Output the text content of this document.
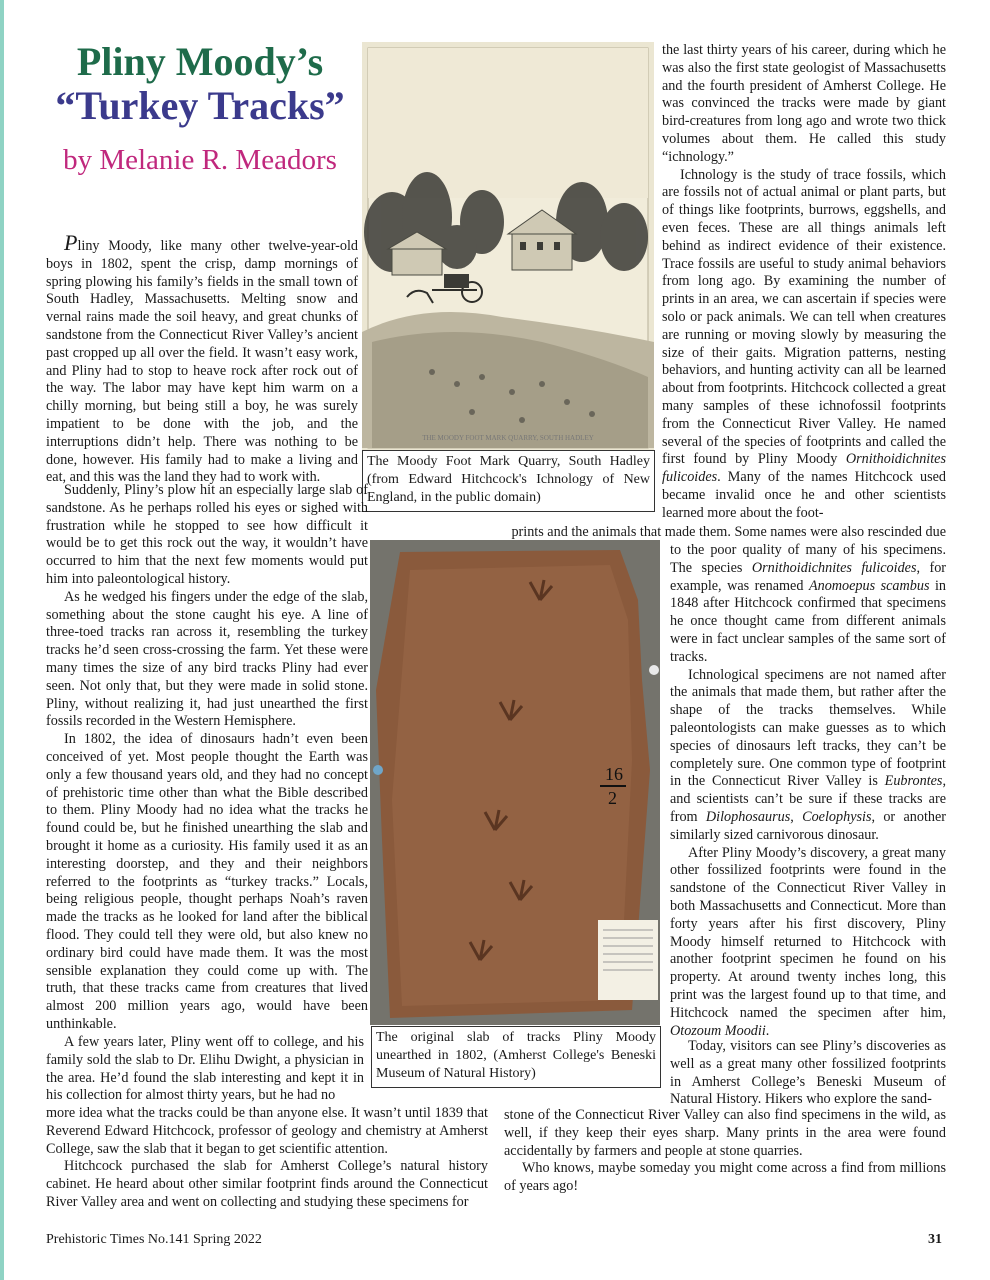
Pliny Moody’s
“Turkey Tracks”
by Melanie R. Meadors
THE MOODY FOOT MARK QUARRY, SOUTH HADLEY
The Moody Foot Mark Quarry, South Hadley (from Edward Hitchcock's Ichnology of New England, in the public domain)
16
2
The original slab of tracks Pliny Moody unearthed in 1802, (Amherst College's Beneski Museum of Natural History)

Pliny Moody, like many other twelve-year-old boys in 1802, spent the crisp, damp mornings of spring plowing his family’s fields in the small town of South Hadley, Massachusetts. Melting snow and vernal rains made the soil heavy, and great chunks of sandstone from the Connecticut River Valley’s ancient past cropped up all over the field. It wasn’t easy work, and Pliny had to stop to heave rock after rock out of the way. The labor may have kept him warm on a chilly morning, but being still a boy, he was surely impatient to be done with the job, and the interruptions didn’t help. There was nothing to be done, however. His family had to make a living and eat, and this was the land they had to work with.

Suddenly, Pliny’s plow hit an especially large slab of sandstone. As he perhaps rolled his eyes or sighed with frustration while he stopped to see how difficult it would be to get this rock out the way, it wouldn’t have occurred to him that the next few moments would put him into paleontological history.

As he wedged his fingers under the edge of the slab, something about the stone caught his eye. A line of three-toed tracks ran across it, resembling the turkey tracks he’d seen cross-crossing the farm. Yet these were many times the size of any bird tracks Pliny had ever seen. Not only that, but they were made in solid stone. Pliny, without realizing it, had just unearthed the first fossils recorded in the Western Hemisphere.

In 1802, the idea of dinosaurs hadn’t even been conceived of yet. Most people thought the Earth was only a few thousand years old, and they had no concept of prehistoric time other than what the Bible described to them. Pliny Moody had no idea what the tracks he found could be, but he finished unearthing the slab and brought it home as a curiosity. His family used it as an interesting doorstep, and they and their neighbors referred to the footprints as “turkey tracks.” Locals, being religious people, thought perhaps Noah’s raven made the tracks as he looked for land after the biblical flood. They could tell they were old, but also knew no ordinary bird could have made them. It was the most sensible explanation they could come up with. The truth, that these tracks came from creatures that lived almost 200 million years ago, would have been unthinkable.

A few years later, Pliny went off to college, and his family sold the slab to Dr. Elihu Dwight, a physician in the area. He’d found the slab interesting and kept it in his collection for almost thirty years, but he had no

more idea what the tracks could be than anyone else. It wasn’t until 1839 that Reverend Edward Hitchcock, professor of geology and chemistry at Amherst College, saw the slab that it began to get scientific attention.

Hitchcock purchased the slab for Amherst College’s natural history cabinet. He heard about other similar footprint finds around the Connecticut River Valley area and went on collecting and studying these specimens for

the last thirty years of his career, during which he was also the first state geologist of Massachusetts and the fourth president of Amherst College. He was convinced the tracks were made by giant bird-creatures from long ago and wrote two thick volumes about them. He called this study “ichnology.”

Ichnology is the study of trace fossils, which are fossils not of actual animal or plant parts, but of things like footprints, burrows, eggshells, and even feces. These are all things animals left behind as indirect evidence of their existence. Trace fossils are useful to study animal behaviors from long ago. By examining the number of prints in an area, we can ascertain if species were solo or pack animals. We can tell when creatures are running or moving slowly by measuring the size of their gaits. Migration patterns, nesting behaviors, and hunting activity can all be learned about from footprints. Hitchcock collected a great many samples of these ichnofossil footprints from the Connecticut River Valley. He named several of the species of footprints and called the first found by Pliny Moody Ornithoidichnites fulicoides. Many of the names Hitchcock used became invalid once he and other scientists learned more about the foot-

prints and the animals that made them. Some names were also rescinded due

to the poor quality of many of his specimens. The species Ornithoidichnites fulicoides, for example, was renamed Anomoepus scambus in 1848 after Hitchcock confirmed that specimens he once thought came from different animals were in fact unclear samples of the same sort of tracks.

Ichnological specimens are not named after the animals that made them, but rather after the shape of the tracks themselves. While paleontologists can make guesses as to which species of dinosaurs left tracks, they can’t be completely sure. One common type of footprint in the Connecticut River Valley is Eubrontes, and scientists can’t be sure if these tracks are from Dilophosaurus, Coelophysis, or another similarly sized carnivorous dinosaur.

After Pliny Moody’s discovery, a great many other fossilized footprints were found in the sandstone of the Connecticut River Valley in both Massachusetts and Connecticut. More than forty years after his first discovery, Pliny Moody himself returned to Hitchcock with another footprint specimen he found on his property. At around twenty inches long, this print was the largest found up to that time, and Hitchcock named the specimen after him, Otozoum Moodii.

Today, visitors can see Pliny’s discoveries as well as a great many other fossilized footprints in Amherst College’s Beneski Museum of Natural History. Hikers who explore the sand-

stone of the Connecticut River Valley can also find specimens in the wild, as well, if they keep their eyes sharp. Many prints in the area were found accidentally by farmers and people at stone quarries.

Who knows, maybe someday you might come across a find from millions of years ago!

Prehistoric Times No.141 Spring 2022	31
